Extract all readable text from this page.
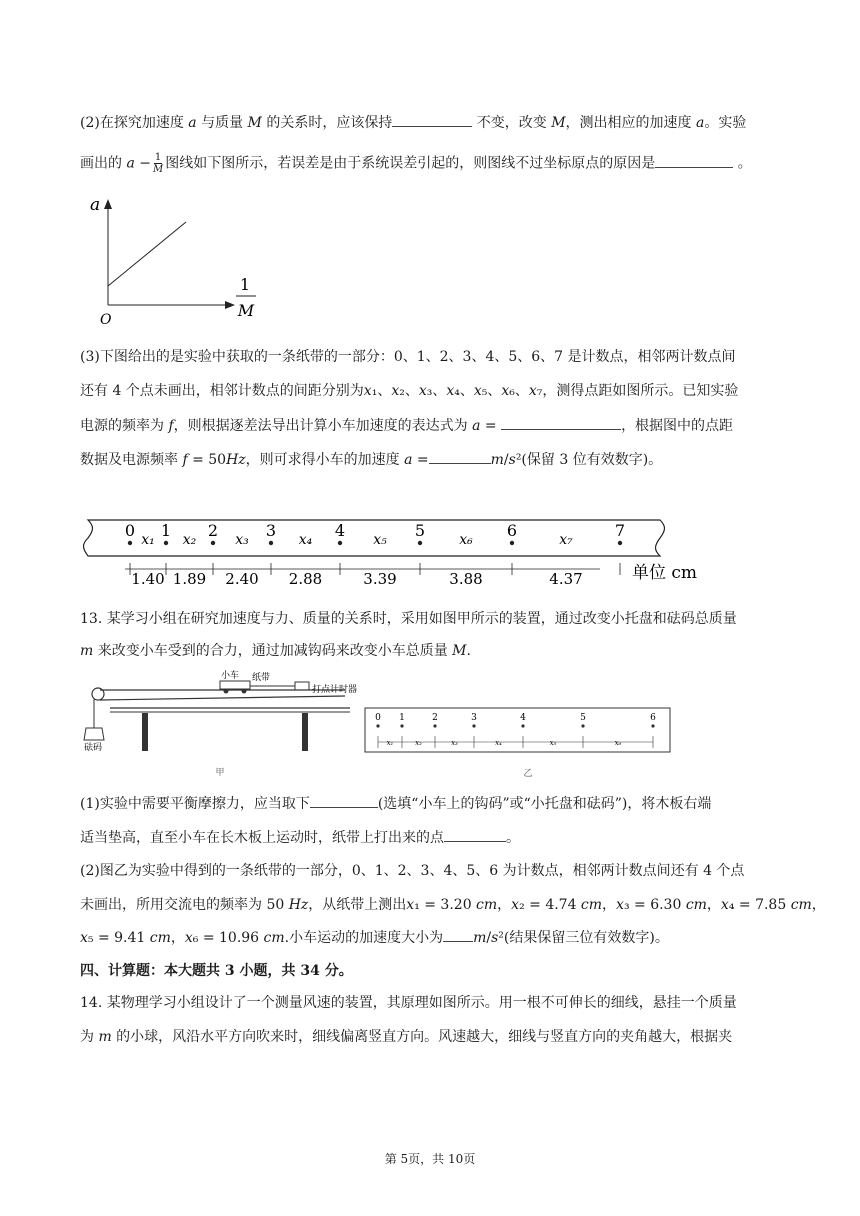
(2)在探究加速度 𝑎 与质量 𝑀 的关系时，应该保持	不变，改变 𝑀，测出相应的加速度 𝑎。实验
画出的 𝑎 − $\frac{1}{\text{𝑀}}$ 图线如下图所示，若误差是由于系统误差引起的，则图线不过坐标原点的原因是	。
a
1
M
O
(3)下图给出的是实验中获取的一条纸带的一部分：0、1、2、3、4、5、6、7 是计数点，相邻两计数点间
还有 4 个点未画出，相邻计数点的间距分别为𝑥₁、𝑥₂、𝑥₃、𝑥₄、𝑥₅、𝑥₆、𝑥₇，测得点距如图所示。已知实验
电源的频率为 𝑓，则根据逐差法导出计算小车加速度的表达式为 𝑎 =	，根据图中的点距
数据及电源频率 𝑓 = 50𝐻𝑧，则可求得小车的加速度 𝑎 =	𝑚/𝑠²(保留 3 位有效数字)。
0 1 2	3	4	5	6	7
x₁ x₂	x₃	x₄	x₅	x₆	x₇
1.40 1.89 2.40 2.88	3.39	3.88	4.37	单位 cm
13. 某学习小组在研究加速度与力、质量的关系时，采用如图甲所示的装置，通过改变小托盘和砝码总质量
𝑚 来改变小车受到的合力，通过加减钩码来改变小车总质量 𝑀.
砝码
小车 纸带
打点计时器
甲
0 1	2	3	4	5	6
x₁	x₂	x₃	x₄	x₅	x₆
乙
(1)实验中需要平衡摩擦力，应当取下	(选填“小车上的钩码”或“小托盘和砝码”)，将木板右端
适当垫高，直至小车在长木板上运动时，纸带上打出来的点	。
(2)图乙为实验中得到的一条纸带的一部分，0、1、2、3、4、5、6 为计数点，相邻两计数点间还有 4 个点
未画出，所用交流电的频率为 50 𝐻𝑧，从纸带上测出𝑥₁ = 3.20 𝑐𝑚，𝑥₂ = 4.74 𝑐𝑚，𝑥₃ = 6.30 𝑐𝑚，𝑥₄ = 7.85 𝑐𝑚，
𝑥₅ = 9.41 𝑐𝑚，𝑥₆ = 10.96 𝑐𝑚.小车运动的加速度大小为 𝑚/𝑠²(结果保留三位有效数字)。
四、计算题：本大题共 3 小题，共 34 分。
14. 某物理学习小组设计了一个测量风速的装置，其原理如图所示。用一根不可伸长的细线，悬挂一个质量
为 𝑚 的小球，风沿水平方向吹来时，细线偏离竖直方向。风速越大，细线与竖直方向的夹角越大，根据夹
第 5页，共 10页
